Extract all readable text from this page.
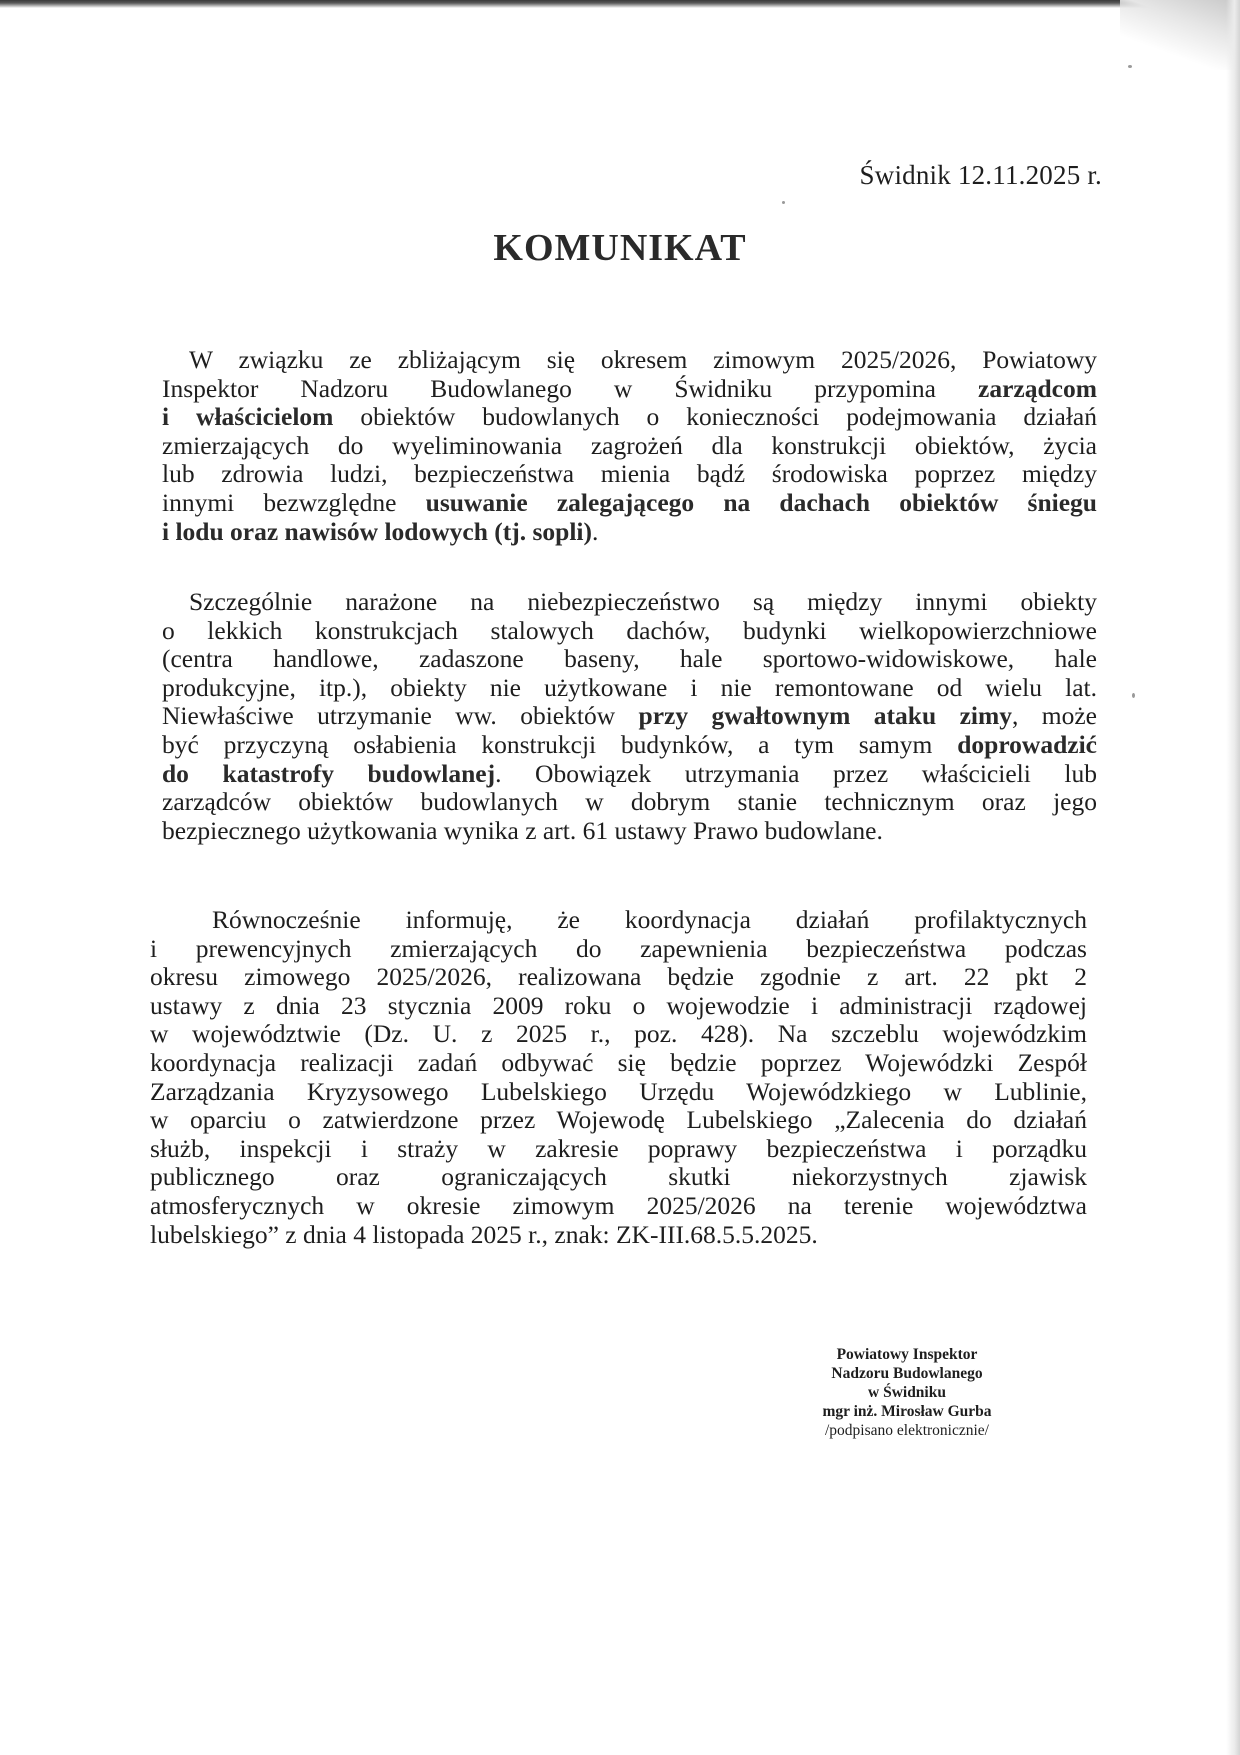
Świdnik 12.11.2025 r.
KOMUNIKAT
W związku ze zbliżającym się okresem zimowym 2025/2026, Powiatowy
Inspektor Nadzoru Budowlanego w Świdniku przypomina zarządcom
i właścicielom obiektów budowlanych o konieczności podejmowania działań
zmierzających do wyeliminowania zagrożeń dla konstrukcji obiektów, życia
lub zdrowia ludzi, bezpieczeństwa mienia bądź środowiska poprzez między
innymi bezwzględne usuwanie zalegającego na dachach obiektów śniegu
i lodu oraz nawisów lodowych (tj. sopli).
Szczególnie narażone na niebezpieczeństwo są między innymi obiekty
o lekkich konstrukcjach stalowych dachów, budynki wielkopowierzchniowe
(centra handlowe, zadaszone baseny, hale sportowo-widowiskowe, hale
produkcyjne, itp.), obiekty nie użytkowane i nie remontowane od wielu lat.
Niewłaściwe utrzymanie ww. obiektów przy gwałtownym ataku zimy, może
być przyczyną osłabienia konstrukcji budynków, a tym samym doprowadzić
do katastrofy budowlanej. Obowiązek utrzymania przez właścicieli lub
zarządców obiektów budowlanych w dobrym stanie technicznym oraz jego
bezpiecznego użytkowania wynika z art. 61 ustawy Prawo budowlane.
Równocześnie informuję, że koordynacja działań profilaktycznych
i prewencyjnych zmierzających do zapewnienia bezpieczeństwa podczas
okresu zimowego 2025/2026, realizowana będzie zgodnie z art. 22 pkt 2
ustawy z dnia 23 stycznia 2009 roku o wojewodzie i administracji rządowej
w województwie (Dz. U. z 2025 r., poz. 428). Na szczeblu wojewódzkim
koordynacja realizacji zadań odbywać się będzie poprzez Wojewódzki Zespół
Zarządzania Kryzysowego Lubelskiego Urzędu Wojewódzkiego w Lublinie,
w oparciu o zatwierdzone przez Wojewodę Lubelskiego „Zalecenia do działań
służb, inspekcji i straży w zakresie poprawy bezpieczeństwa i porządku
publicznego oraz ograniczających skutki niekorzystnych zjawisk
atmosferycznych w okresie zimowym 2025/2026 na terenie województwa
lubelskiego” z dnia 4 listopada 2025 r., znak: ZK-III.68.5.5.2025.
Powiatowy Inspektor
Nadzoru Budowlanego
w Świdniku
mgr inż. Mirosław Gurba
/podpisano elektronicznie/
